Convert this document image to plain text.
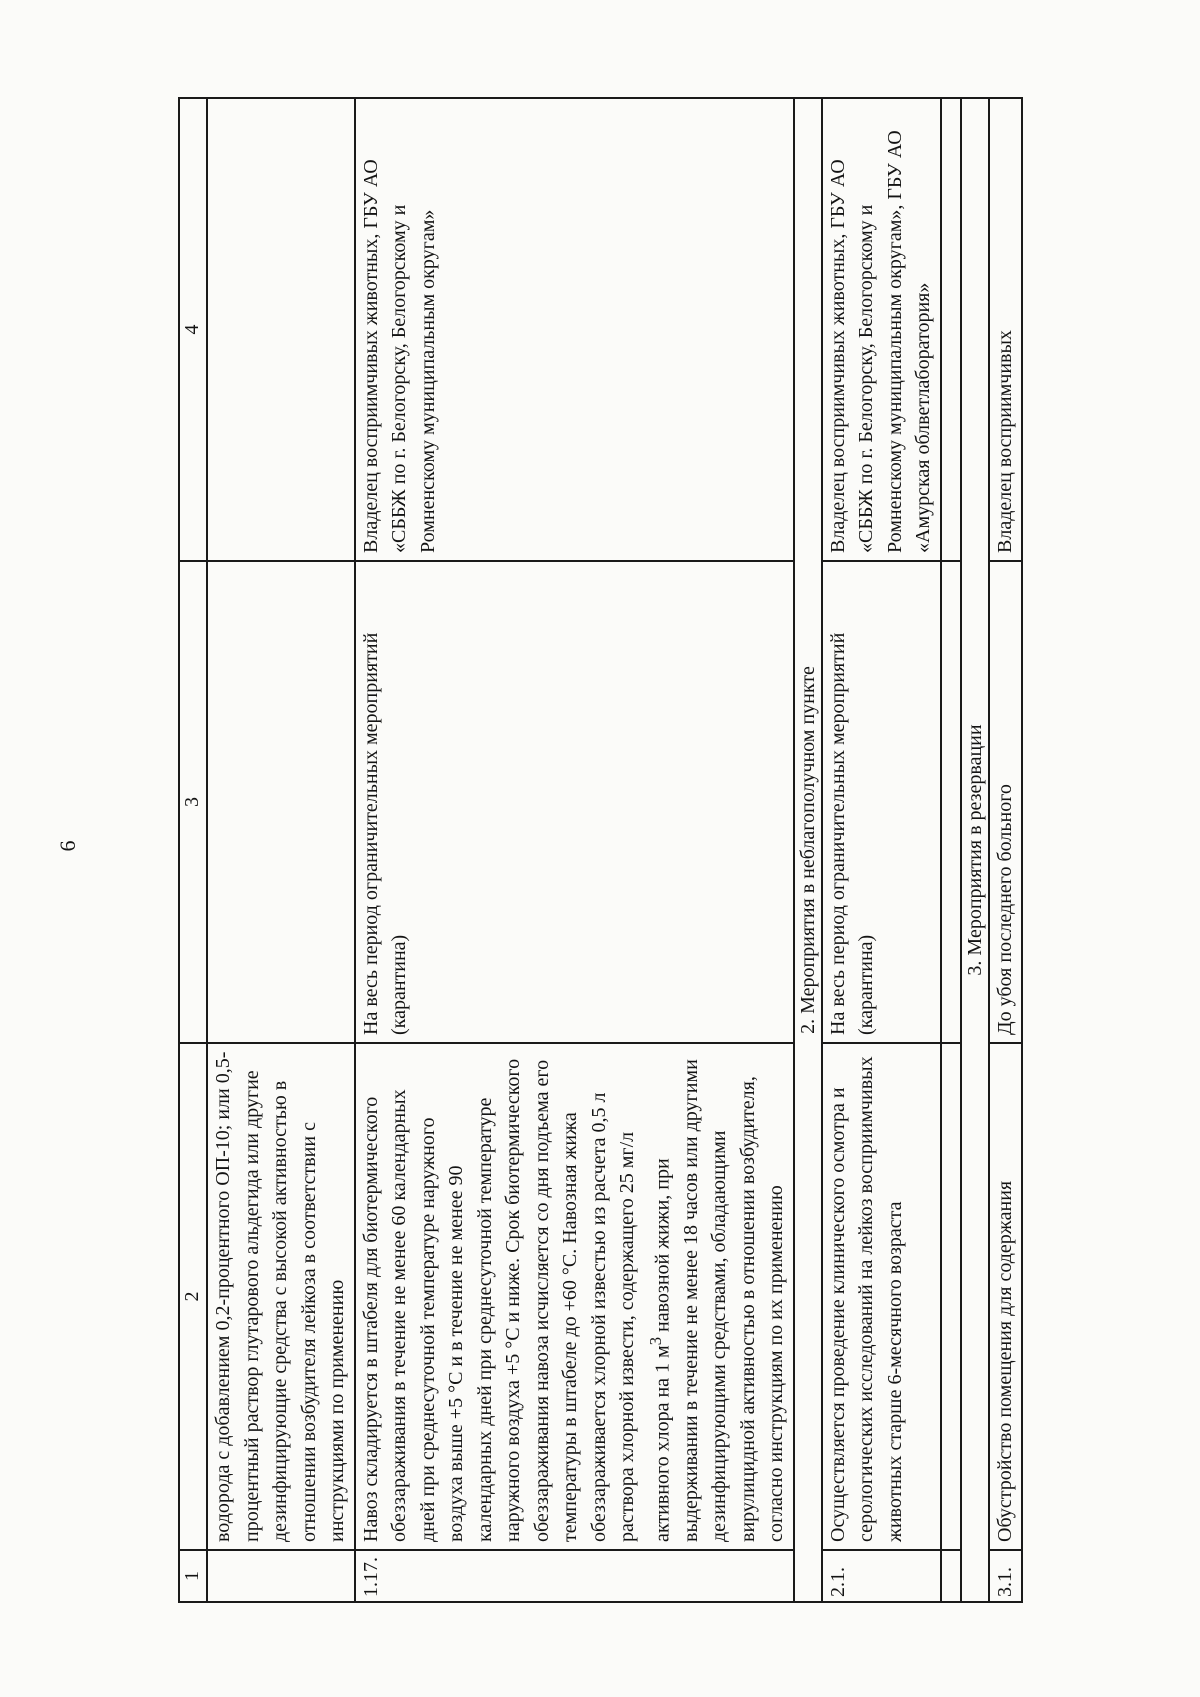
6
1	2	3	4
	водорода с добавлением 0,2-процентного ОП-10; или 0,5-процентный раствор глутарового альдегида или другие дезинфицирующие средства с высокой активностью в отношении возбудителя лейкоза в соответствии с инструкциями по применению		
1.17.	Навоз складируется в штабеля для биотермического обеззараживания в течение не менее 60 календарных дней при среднесуточной температуре наружного воздуха выше +5 °С и в течение не менее 90 календарных дней при среднесуточной температуре наружного воздуха +5 °С и ниже. Срок биотермического обеззараживания навоза исчисляется со дня подъема его температуры в штабеле до +60 °С. Навозная жижа обеззараживается хлорной известью из расчета 0,5 л раствора хлорной извести, содержащего 25 мг/л активного хлора на 1 $м^3$ навозной жижи, при выдерживании в течение не менее 18 часов или другими дезинфицирующими средствами, обладающими вирулицидной активностью в отношении возбудителя, согласно инструкциям по их применению	На весь период ограничительных мероприятий (карантина)	Владелец восприимчивых животных, ГБУ АО «СББЖ по г. Белогорску, Белогорскому и Ромненскому муниципальным округам»
2. Мероприятия в неблагополучном пункте			
2.1.	Осуществляется проведение клинического осмотра и серологических исследований на лейкоз восприимчивых животных старше 6-месячного возраста	На весь период ограничительных мероприятий (карантина)	Владелец восприимчивых животных, ГБУ АО «СББЖ по г. Белогорску, Белогорскому и Ромненскому муниципальным округам», ГБУ АО «Амурская облветлаборатория»

3. Мероприятия в резервации			
3.1.	Обустройство помещения для содержания	До убоя последнего больного	Владелец восприимчивых
